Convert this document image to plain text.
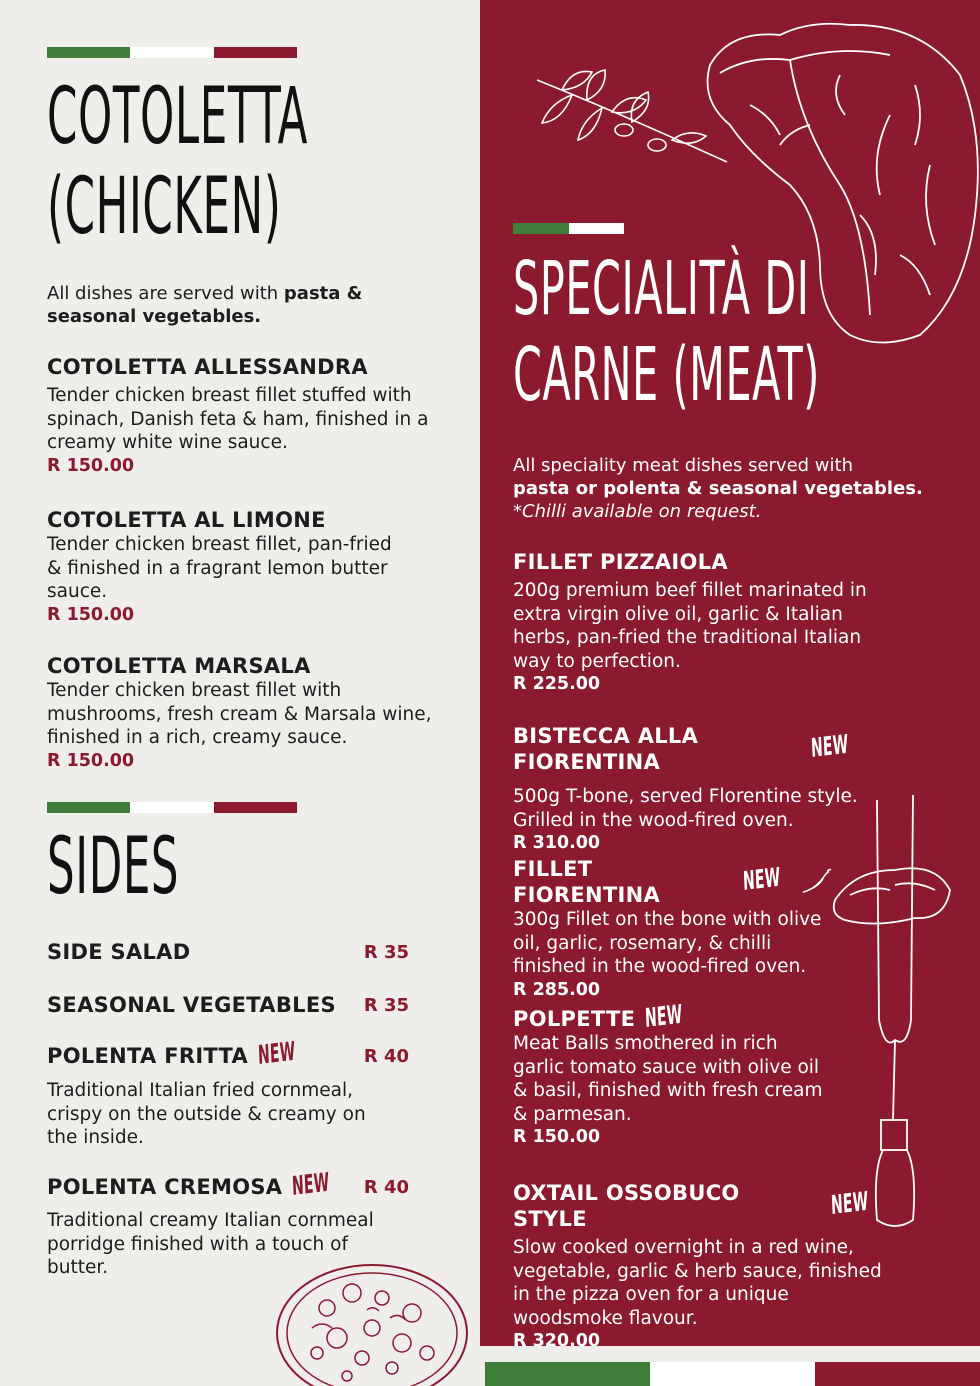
COTOLETTA
(CHICKEN)
All dishes are served with pasta & seasonal vegetables.
COTOLETTA ALLESSANDRA
Tender chicken breast fillet stuffed with spinach, Danish feta & ham, finished in a creamy white wine sauce.
R 150.00
COTOLETTA AL LIMONE
Tender chicken breast fillet, pan-fried & finished in a fragrant lemon butter sauce.
R 150.00
COTOLETTA MARSALA
Tender chicken breast fillet with mushrooms, fresh cream & Marsala wine, finished in a rich, creamy sauce.
R 150.00
SIDES
SIDE SALAD	R 35
SEASONAL VEGETABLES R 35
POLENTA FRITTA NEW	R 40
Traditional Italian fried cornmeal, crispy on the outside & creamy on the inside.
POLENTA CREMOSA NEW R 40
Traditional creamy Italian cornmeal porridge finished with a touch of butter.
SPECIALITÀ DI
CARNE (MEAT)
All speciality meat dishes served with
pasta or polenta & seasonal vegetables.
*Chilli available on request.
FILLET PIZZAIOLA
200g premium beef fillet marinated in extra virgin olive oil, garlic & Italian herbs, pan-fried the traditional Italian way to perfection.
R 225.00
BISTECCA ALLA FIORENTINA	NEW
500g T-bone, served Florentine style. Grilled in the wood-fired oven.
R 310.00
FILLET FIORENTINA	NEW
300g Fillet on the bone with olive oil, garlic, rosemary, & chilli finished in the wood-fired oven.
R 285.00
POLPETTE NEW
Meat Balls smothered in rich garlic tomato sauce with olive oil & basil, finished with fresh cream & parmesan.
R 150.00
OXTAIL OSSOBUCO STYLE	NEW
Slow cooked overnight in a red wine, vegetable, garlic & herb sauce, finished in the pizza oven for a unique woodsmoke flavour.
R 320.00
